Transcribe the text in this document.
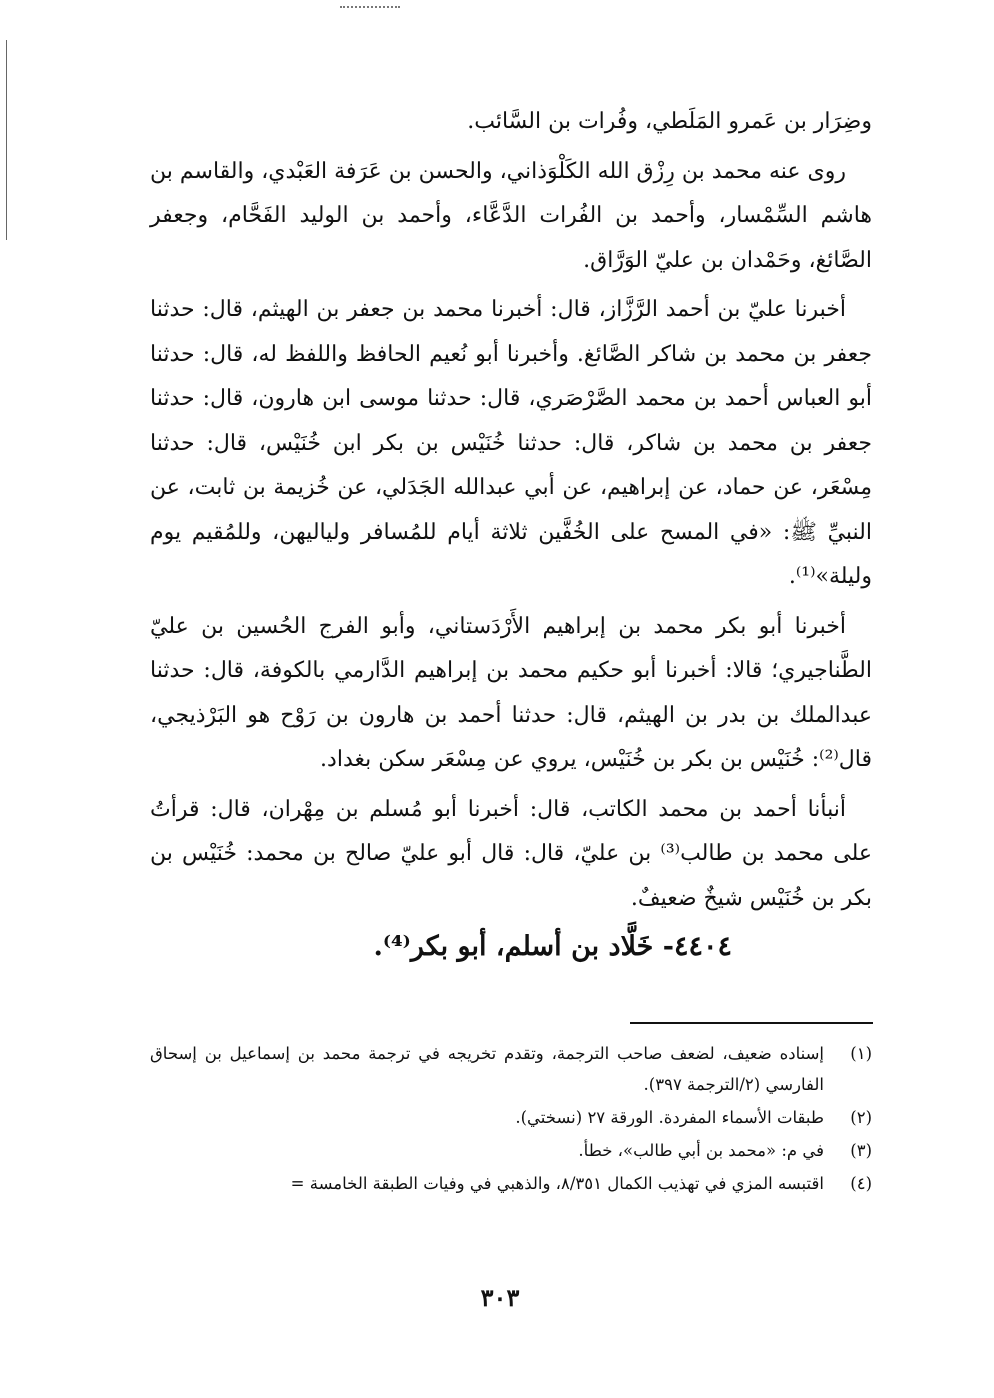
وضِرَار بن عَمرو المَلَطي، وفُرات بن السَّائب.

روى عنه محمد بن رِزْق الله الكَلْوَذاني، والحسن بن عَرَفة العَبْدي، والقاسم بن هاشم السِّمْسار، وأحمد بن الفُرات الدَّعَّاء، وأحمد بن الوليد الفَحَّام، وجعفر الصَّائغ، وحَمْدان بن عليّ الوَرَّاق.

أخبرنا عليّ بن أحمد الرَّزَّاز، قال: أخبرنا محمد بن جعفر بن الهيثم، قال: حدثنا جعفر بن محمد بن شاكر الصَّائغ. وأخبرنا أبو نُعيم الحافظ واللفظ له، قال: حدثنا أبو العباس أحمد بن محمد الصَّرْصَري، قال: حدثنا موسى ابن هارون، قال: حدثنا جعفر بن محمد بن شاكر، قال: حدثنا خُنَيْس بن بكر ابن خُنَيْس، قال: حدثنا مِسْعَر، عن حماد، عن إبراهيم، عن أبي عبدالله الجَدَلي، عن خُزيمة بن ثابت، عن النبيِّ ﷺ: «في المسح على الخُفَّين ثلاثة أيام للمُسافر ولياليهن، وللمُقيم يوم وليلة»⁽¹⁾.

أخبرنا أبو بكر محمد بن إبراهيم الأَرْدَستاني، وأبو الفرج الحُسين بن عليّ الطَّناجيري؛ قالا: أخبرنا أبو حكيم محمد بن إبراهيم الدَّارمي بالكوفة، قال: حدثنا عبدالملك بن بدر بن الهيثم، قال: حدثنا أحمد بن هارون بن رَوْح هو البَرْذيجي، قال⁽²⁾: خُنَيْس بن بكر بن خُنَيْس، يروي عن مِسْعَر سكن بغداد.

أنبأنا أحمد بن محمد الكاتب، قال: أخبرنا أبو مُسلم بن مِهْران، قال: قرأتُ على محمد بن طالب⁽³⁾ بن عليّ، قال: قال أبو عليّ صالح بن محمد: خُنَيْس بن بكر بن خُنَيْس شيخٌ ضعيفٌ.

٤٤٠٤- خَلَّاد بن أسلم، أبو بكر⁽⁴⁾.
(١)
إسناده ضعيف، لضعف صاحب الترجمة، وتقدم تخريجه في ترجمة محمد بن إسماعيل بن إسحاق الفارسي (٢/الترجمة ٣٩٧).
(٢)
طبقات الأسماء المفردة. الورقة ٢٧ (نسختي).
(٣)
في م: «محمد بن أبي طالب»، خطأ.
(٤)
اقتبسه المزي في تهذيب الكمال ٨/٣٥١، والذهبي في وفيات الطبقة الخامسة =
٣٠٣
